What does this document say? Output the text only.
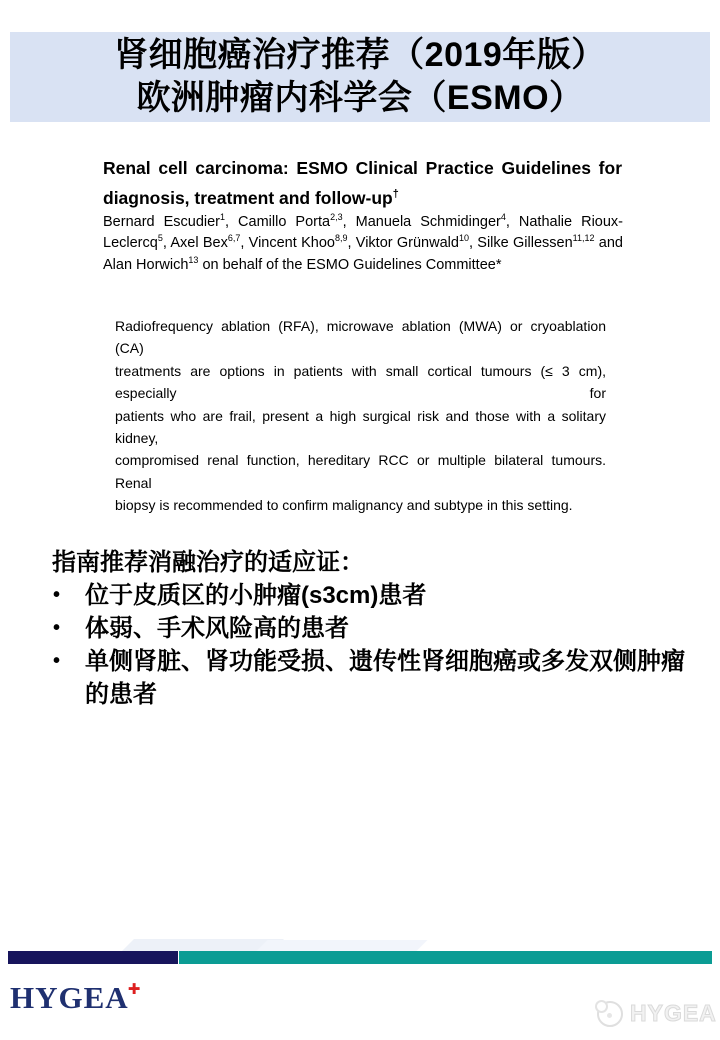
肾细胞癌治疗推荐（2019年版）
欧洲肿瘤内科学会（ESMO）
Renal cell carcinoma: ESMO Clinical Practice Guidelines for
diagnosis, treatment and follow-up†
Bernard Escudier$^1$, Camillo Porta$^{2,3}$, Manuela Schmidinger$^4$, Nathalie Rioux-
Leclercq$^5$, Axel Bex$^{6,7}$, Vincent Khoo$^{8,9}$, Viktor Grünwald$^{10}$, Silke Gillessen$^{11,12}$ and
Alan Horwich$^{13}$ on behalf of the ESMO Guidelines Committee*
Radiofrequency ablation (RFA), microwave ablation (MWA) or cryoablation (CA)
treatments are options in patients with small cortical tumours (≤ 3 cm), especially for
patients who are frail, present a high surgical risk and those with a solitary kidney,
compromised renal function, hereditary RCC or multiple bilateral tumours. Renal
biopsy is recommended to confirm malignancy and subtype in this setting.
指南推荐消融治疗的适应证：
• 位于皮质区的小肿瘤(s3cm)患者
• 体弱、手术风险高的患者
• 单侧肾脏、肾功能受损、遗传性肾细胞癌或多发双侧肿瘤的患者
HYGEA✚
HYGEA
